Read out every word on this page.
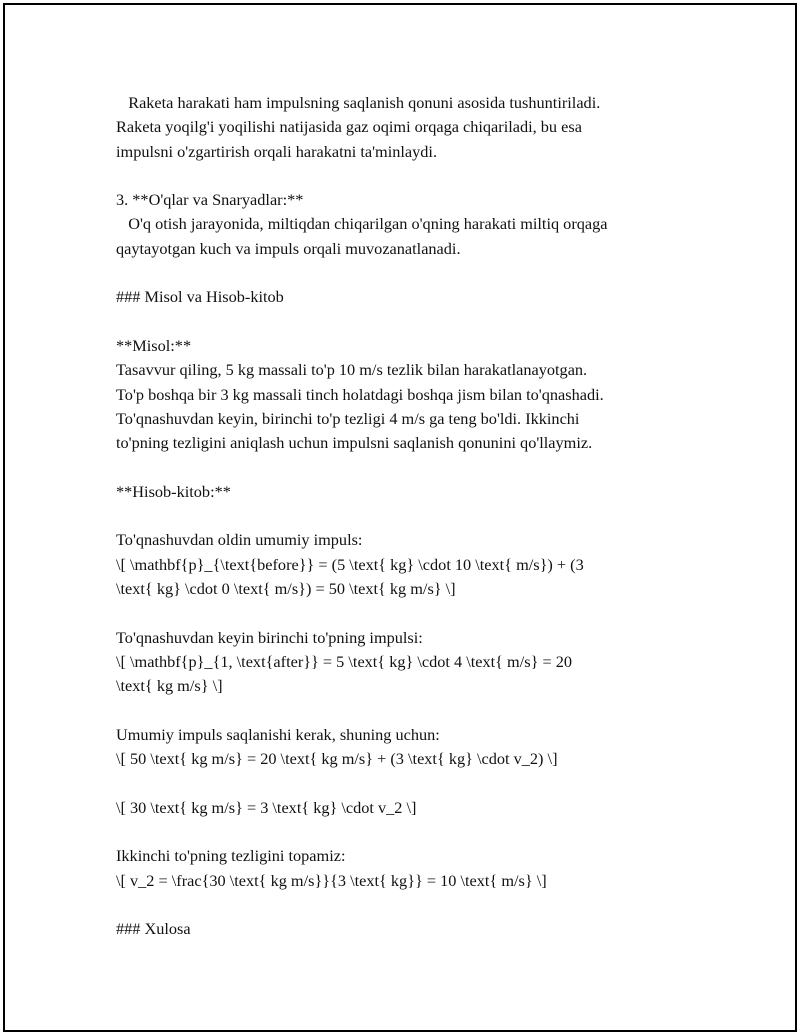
Raketa harakati ham impulsning saqlanish qonuni asosida tushuntiriladi.
Raketa yoqilg'i yoqilishi natijasida gaz oqimi orqaga chiqariladi, bu esa
impulsni o'zgartirish orqali harakatni ta'minlaydi.
3. **O'qlar va Snaryadlar:**
O'q otish jarayonida, miltiqdan chiqarilgan o'qning harakati miltiq orqaga
qaytayotgan kuch va impuls orqali muvozanatlanadi.
### Misol va Hisob-kitob
**Misol:**
Tasavvur qiling, 5 kg massali to'p 10 m/s tezlik bilan harakatlanayotgan.
To'p boshqa bir 3 kg massali tinch holatdagi boshqa jism bilan to'qnashadi.
To'qnashuvdan keyin, birinchi to'p tezligi 4 m/s ga teng bo'ldi. Ikkinchi
to'pning tezligini aniqlash uchun impulsni saqlanish qonunini qo'llaymiz.
**Hisob-kitob:**
To'qnashuvdan oldin umumiy impuls:
\[ \mathbf{p}_{\text{before}} = (5 \text{ kg} \cdot 10 \text{ m/s}) + (3
\text{ kg} \cdot 0 \text{ m/s}) = 50 \text{ kg m/s} \]
To'qnashuvdan keyin birinchi to'pning impulsi:
\[ \mathbf{p}_{1, \text{after}} = 5 \text{ kg} \cdot 4 \text{ m/s} = 20
\text{ kg m/s} \]
Umumiy impuls saqlanishi kerak, shuning uchun:
\[ 50 \text{ kg m/s} = 20 \text{ kg m/s} + (3 \text{ kg} \cdot v_2) \]
\[ 30 \text{ kg m/s} = 3 \text{ kg} \cdot v_2 \]
Ikkinchi to'pning tezligini topamiz:
\[ v_2 = \frac{30 \text{ kg m/s}}{3 \text{ kg}} = 10 \text{ m/s} \]
### Xulosa
